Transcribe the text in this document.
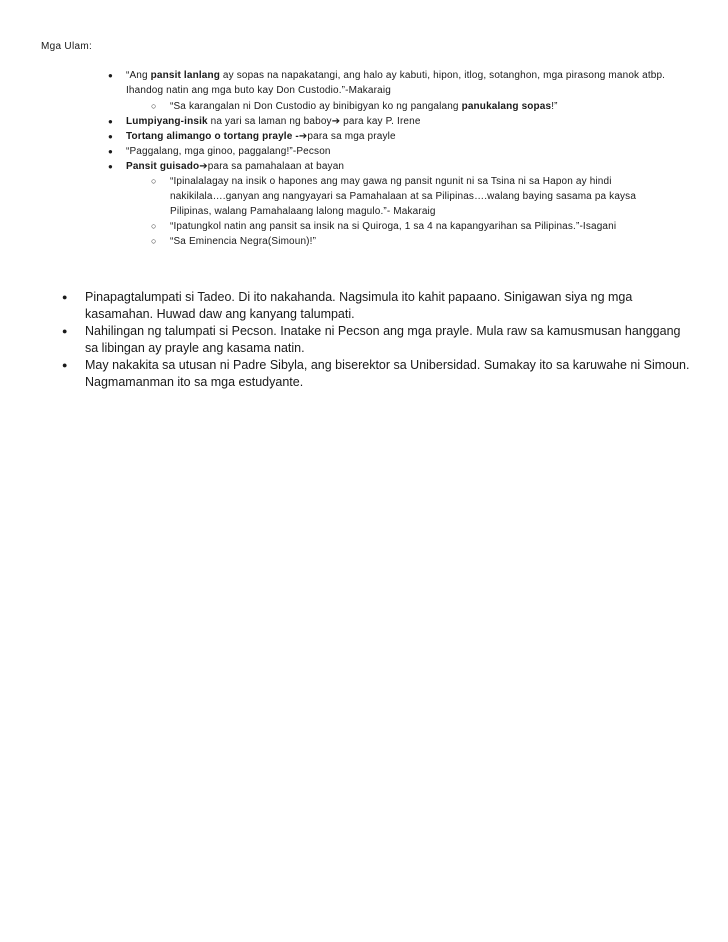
Mga Ulam:
● “Ang pansit lanlang ay sopas na napakatangi, ang halo ay kabuti, hipon, itlog, sotanghon, mga pirasong manok atbp. Ihandog natin ang mga buto kay Don Custodio.”-Makaraig
○ “Sa karangalan ni Don Custodio ay binibigyan ko ng pangalang panukalang sopas!”
● Lumpiyang-insik na yari sa laman ng baboy➔ para kay P. Irene
● Tortang alimango o tortang prayle -➔para sa mga prayle
● “Paggalang, mga ginoo, paggalang!”-Pecson
● Pansit guisado➔para sa pamahalaan at bayan
○ “Ipinalalagay na insik o hapones ang may gawa ng pansit ngunit ni sa Tsina ni sa Hapon ay hindi nakikilala….ganyan ang nangyayari sa Pamahalaan at sa Pilipinas….walang baying sasama pa kaysa Pilipinas, walang Pamahalaang lalong magulo.”- Makaraig
○ “Ipatungkol natin ang pansit sa insik na si Quiroga, 1 sa 4 na kapangyarihan sa Pilipinas.”-Isagani
○ “Sa Eminencia Negra(Simoun)!”
● Pinapagtalumpati si Tadeo. Di ito nakahanda. Nagsimula ito kahit papaano. Sinigawan siya ng mga kasamahan. Huwad daw ang kanyang talumpati.
● Nahilingan ng talumpati si Pecson. Inatake ni Pecson ang mga prayle. Mula raw sa kamusmusan hanggang sa libingan ay prayle ang kasama natin.
● May nakakita sa utusan ni Padre Sibyla, ang biserektor sa Unibersidad. Sumakay ito sa karuwahe ni Simoun. Nagmamanman ito sa mga estudyante.
